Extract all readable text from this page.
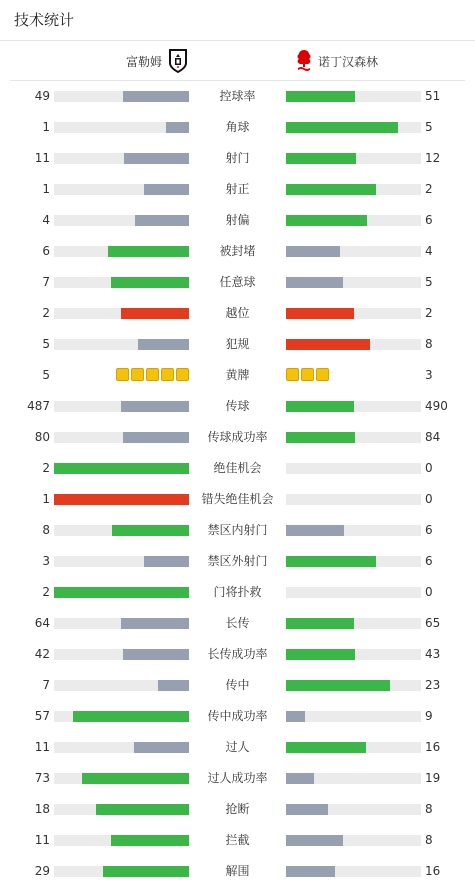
技术统计
富勒姆	诺丁汉森林
49	控球率	51
1	角球	5
11	射门	12
1	射正	2
4	射偏	6
6	被封堵	4
7	任意球	5
2	越位	2
5	犯规	8
5	黄牌	3
487	传球	490
80	传球成功率	84
2	绝佳机会	0
1	错失绝佳机会	0
8	禁区内射门	6
3	禁区外射门	6
2	门将扑救	0
64	长传	65
42	长传成功率	43
7	传中	23
57	传中成功率	9
11	过人	16
73	过人成功率	19
18	抢断	8
11	拦截	8
29	解围	16
